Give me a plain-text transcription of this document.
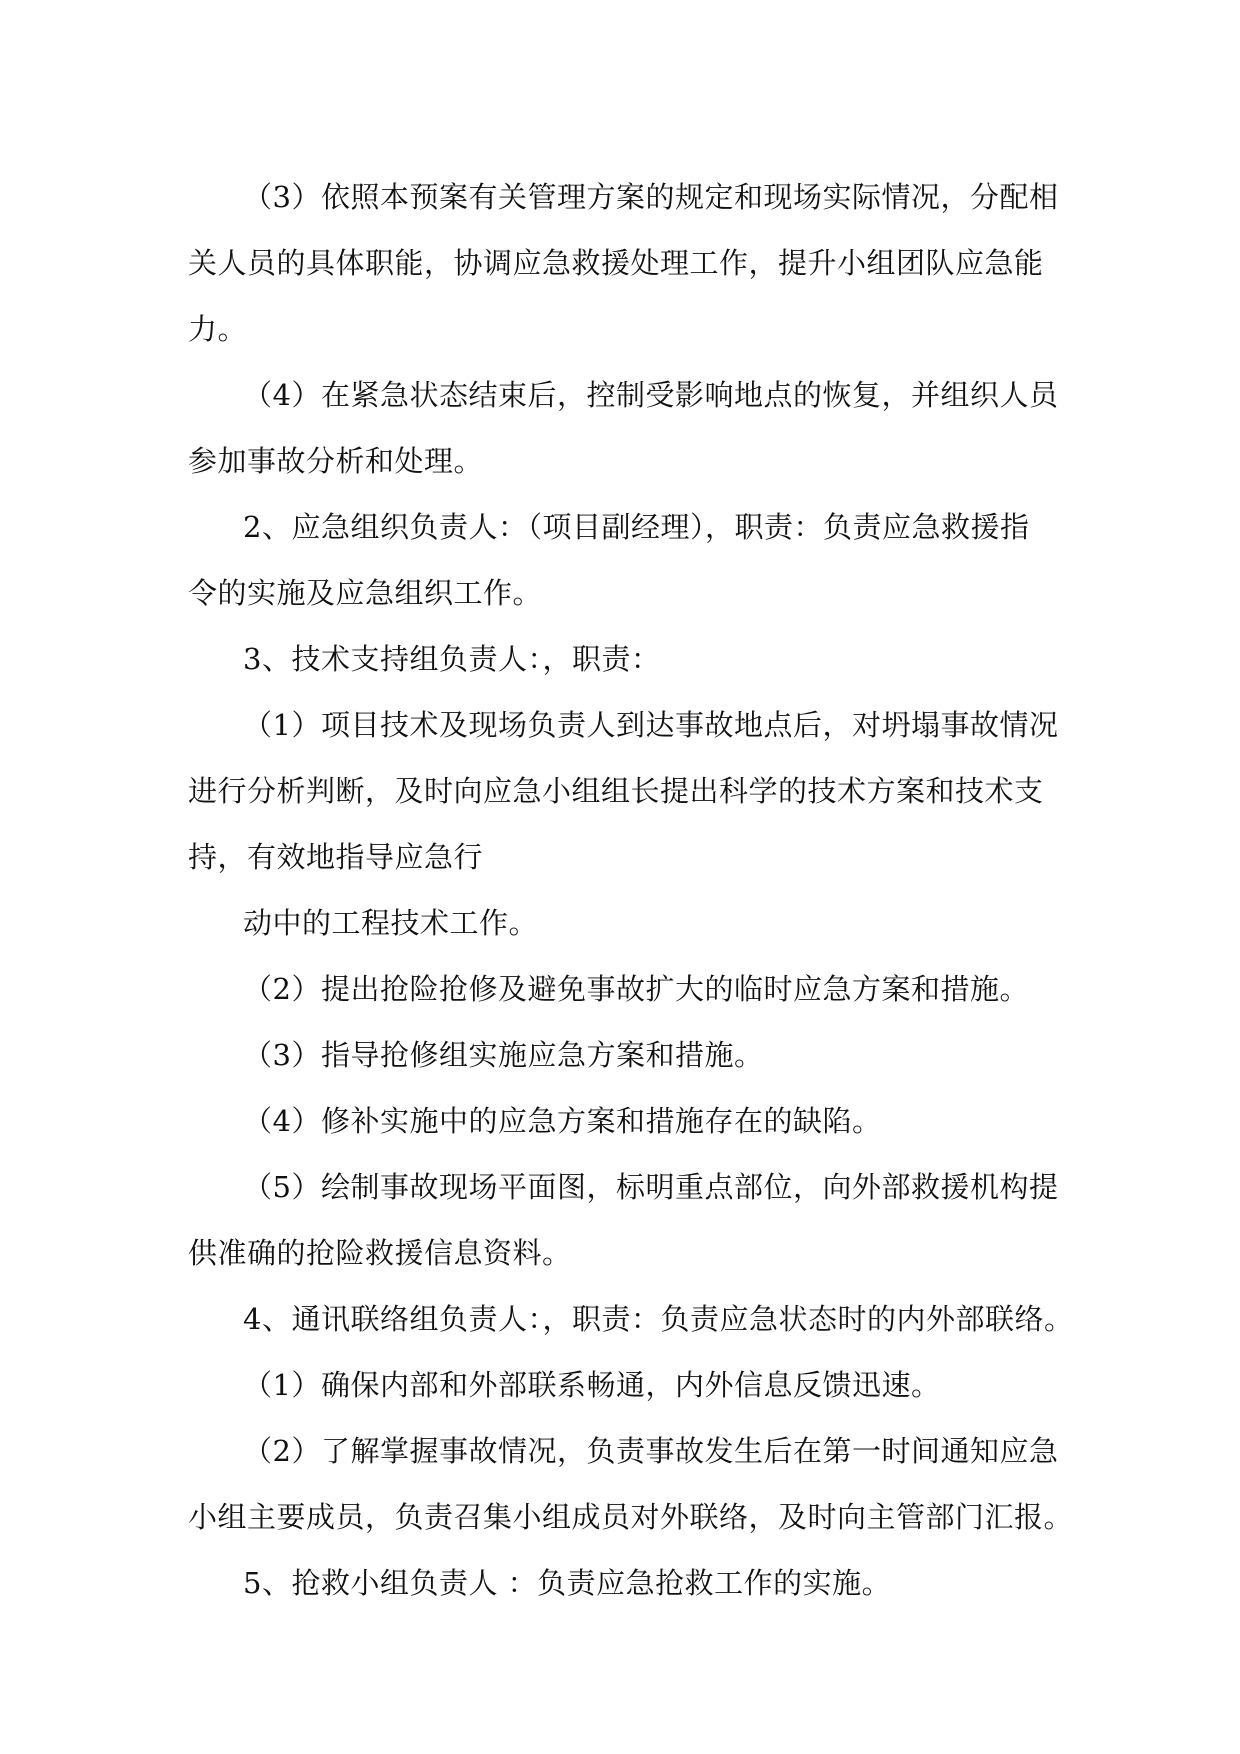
（3）依照本预案有关管理方案的规定和现场实际情况，分配相
关人员的具体职能，协调应急救援处理工作，提升小组团队应急能
力。
（4）在紧急状态结束后，控制受影响地点的恢复，并组织人员
参加事故分析和处理。
2、应急组织负责人：（项目副经理），职责：负责应急救援指
令的实施及应急组织工作。
3、技术支持组负责人：，职责：
（1）项目技术及现场负责人到达事故地点后，对坍塌事故情况
进行分析判断，及时向应急小组组长提出科学的技术方案和技术支
持，有效地指导应急行
动中的工程技术工作。
（2）提出抢险抢修及避免事故扩大的临时应急方案和措施。
（3）指导抢修组实施应急方案和措施。
（4）修补实施中的应急方案和措施存在的缺陷。
（5）绘制事故现场平面图，标明重点部位，向外部救援机构提
供准确的抢险救援信息资料。
4、通讯联络组负责人：，职责：负责应急状态时的内外部联络。
（1）确保内部和外部联系畅通，内外信息反馈迅速。
（2）了解掌握事故情况，负责事故发生后在第一时间通知应急
小组主要成员，负责召集小组成员对外联络，及时向主管部门汇报。
5、抢救小组负责人 ：负责应急抢救工作的实施。
